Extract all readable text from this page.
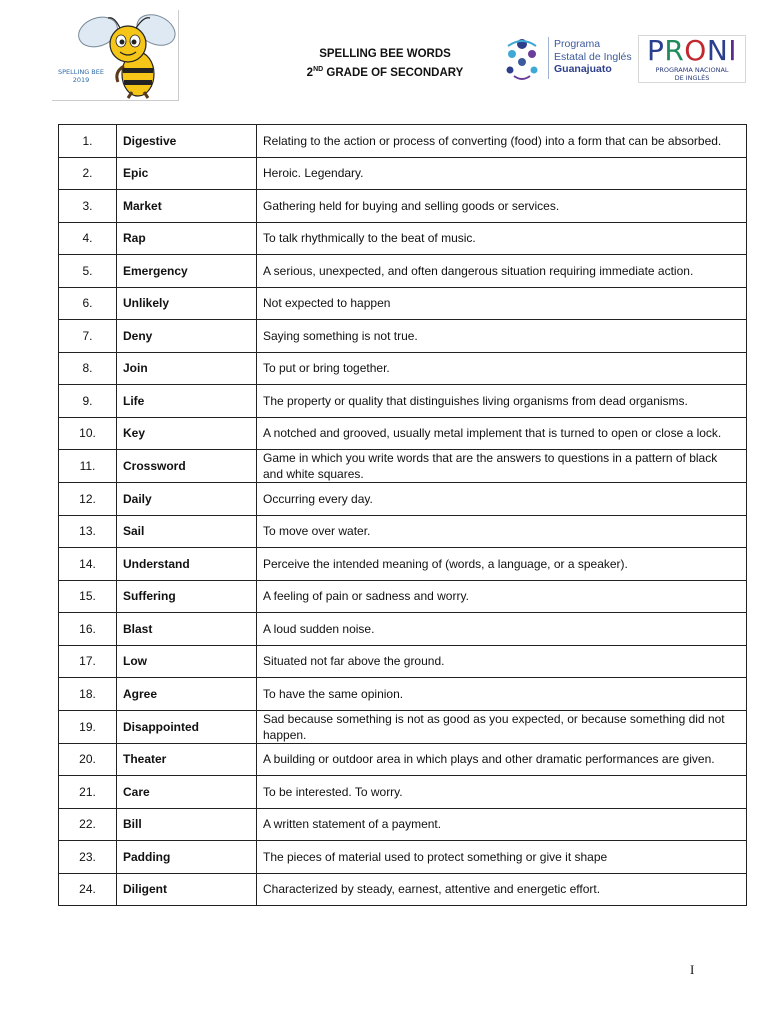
SPELLING BEE
2019
SPELLING BEE WORDS
2ND GRADE OF SECONDARY
Programa
Estatal de Inglés
Guanajuato
PRONI
PROGRAMA NACIONAL
DE INGLÉS
1.	Digestive	Relating to the action or process of converting (food) into a form that can be absorbed.
2.	Epic	Heroic. Legendary.
3.	Market	Gathering held for buying and selling goods or services.
4.	Rap	To talk rhythmically to the beat of music.
5.	Emergency	A serious, unexpected, and often dangerous situation requiring immediate action.
6.	Unlikely	Not expected to happen
7.	Deny	Saying something is not true.
8.	Join	To put or bring together.
9.	Life	The property or quality that distinguishes living organisms from dead organisms.
10.	Key	A notched and grooved, usually metal implement that is turned to open or close a lock.
11.	Crossword	Game in which you write words that are the answers to questions in a pattern of black and white squares.
12.	Daily	Occurring every day.
13.	Sail	To move over water.
14.	Understand	Perceive the intended meaning of (words, a language, or a speaker).
15.	Suffering	A feeling of pain or sadness and worry.
16.	Blast	A loud sudden noise.
17.	Low	Situated not far above the ground.
18.	Agree	To have the same opinion.
19.	Disappointed	Sad because something is not as good as you expected, or because something did not happen.
20.	Theater	A building or outdoor area in which plays and other dramatic performances are given.
21.	Care	To be interested. To worry.
22.	Bill	A written statement of a payment.
23.	Padding	The pieces of material used to protect something or give it shape
24.	Diligent	Characterized by steady, earnest, attentive and energetic effort.
I
